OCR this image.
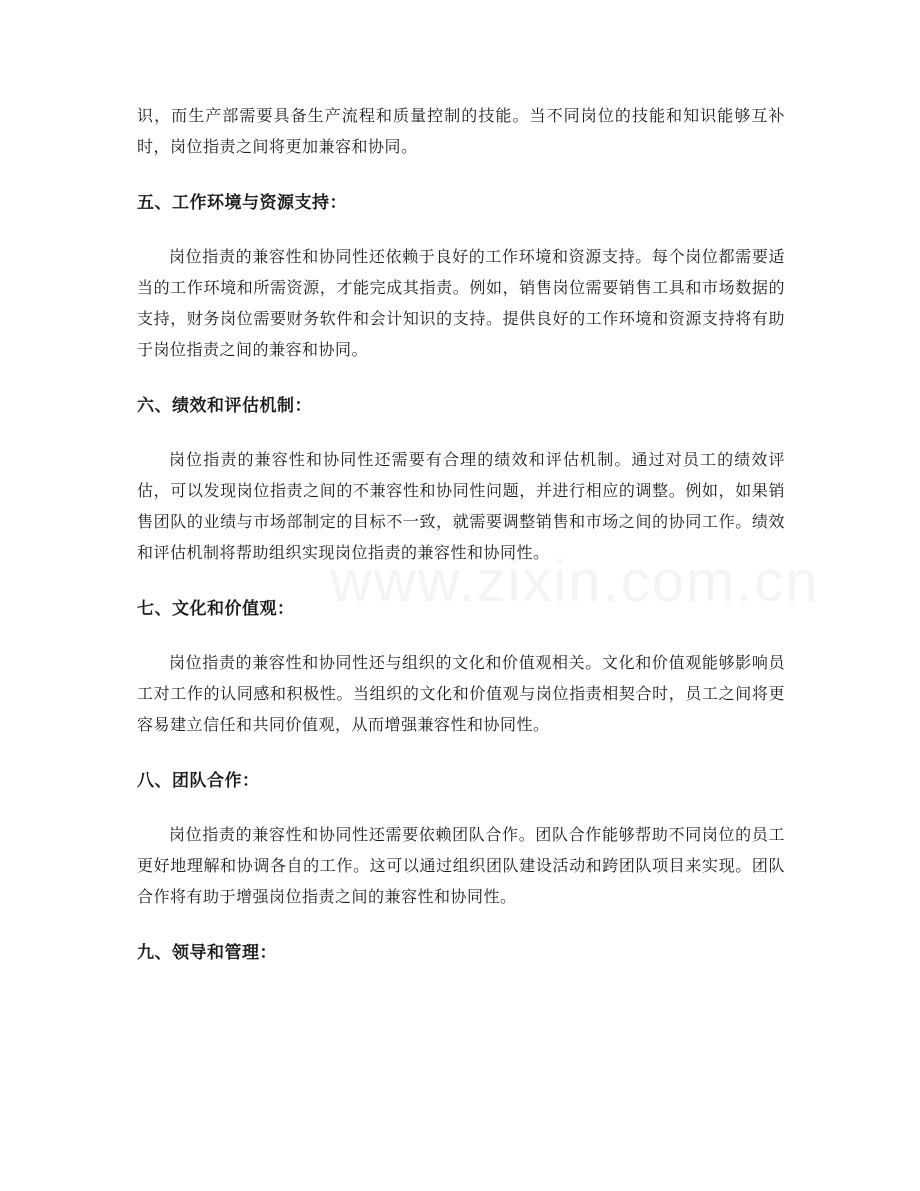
识，而生产部需要具备生产流程和质量控制的技能。当不同岗位的技能和知识能够互补时，岗位指责之间将更加兼容和协同。

五、工作环境与资源支持：

岗位指责的兼容性和协同性还依赖于良好的工作环境和资源支持。每个岗位都需要适当的工作环境和所需资源，才能完成其指责。例如，销售岗位需要销售工具和市场数据的支持，财务岗位需要财务软件和会计知识的支持。提供良好的工作环境和资源支持将有助于岗位指责之间的兼容和协同。

六、绩效和评估机制：

岗位指责的兼容性和协同性还需要有合理的绩效和评估机制。通过对员工的绩效评估，可以发现岗位指责之间的不兼容性和协同性问题，并进行相应的调整。例如，如果销售团队的业绩与市场部制定的目标不一致，就需要调整销售和市场之间的协同工作。绩效和评估机制将帮助组织实现岗位指责的兼容性和协同性。

七、文化和价值观：

岗位指责的兼容性和协同性还与组织的文化和价值观相关。文化和价值观能够影响员工对工作的认同感和积极性。当组织的文化和价值观与岗位指责相契合时，员工之间将更容易建立信任和共同价值观，从而增强兼容性和协同性。

八、团队合作：

岗位指责的兼容性和协同性还需要依赖团队合作。团队合作能够帮助不同岗位的员工更好地理解和协调各自的工作。这可以通过组织团队建设活动和跨团队项目来实现。团队合作将有助于增强岗位指责之间的兼容性和协同性。

九、领导和管理：
